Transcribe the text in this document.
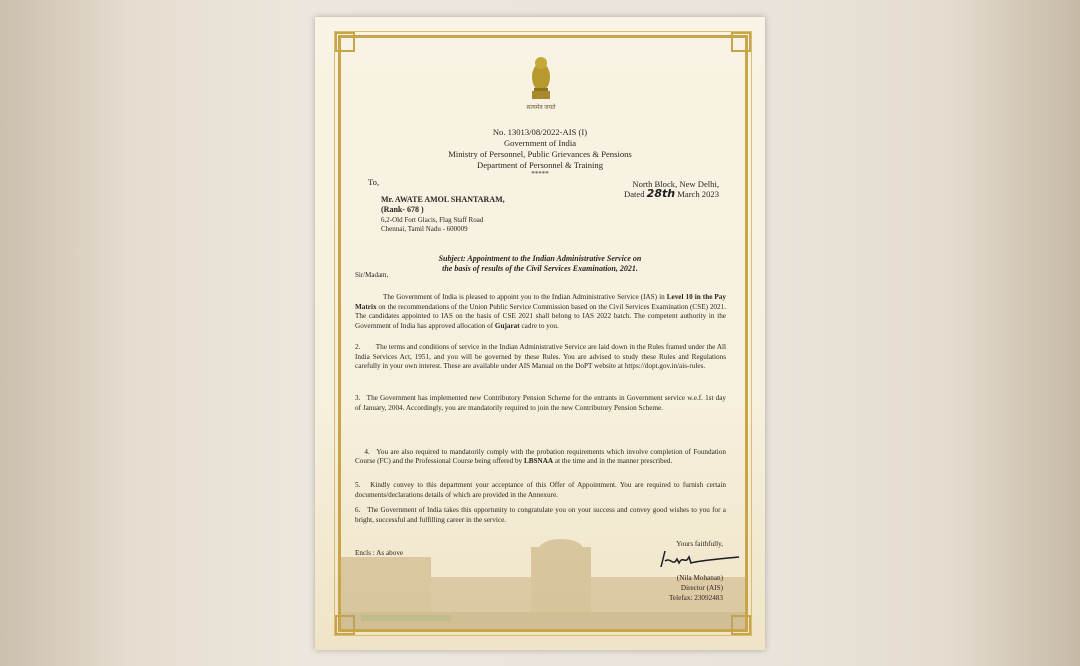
सत्यमेव जयते
No. 13013/08/2022-AIS (I)
Government of India
Ministry of Personnel, Public Grievances & Pensions
Department of Personnel & Training
*****
To,	North Block, New Delhi,
Dated 28th March 2023
Mr. AWATE AMOL SHANTARAM,
(Rank- 678 )
6,2-Old Fort Glacis, Flag Staff Road
Chennai, Tamil Nadu - 600009
Subject: Appointment to the Indian Administrative Service on
the basis of results of the Civil Services Examination, 2021.
Sir/Madam,
The Government of India is pleased to appoint you to the Indian Administrative Service (IAS) in Level 10 in the Pay Matrix on the recommendations of the Union Public Service Commission based on the Civil Services Examination (CSE) 2021. The candidates appointed to IAS on the basis of CSE 2021 shall belong to IAS 2022 batch. The competent authority in the Government of India has approved allocation of Gujarat cadre to you.
2.        The terms and conditions of service in the Indian Administrative Service are laid down in the Rules framed under the All India Services Act, 1951, and you will be governed by these Rules. You are advised to study these Rules and Regulations carefully in your own interest. These are available under AIS Manual on the DoPT website at https://dopt.gov.in/ais-rules.
3.   The Government has implemented new Contributory Pension Scheme for the entrants in Government service w.e.f. 1st day of January, 2004. Accordingly, you are mandatorily required to join the new Contributory Pension Scheme.

4.   You are also required to mandatorily comply with the probation requirements which involve completion of Foundation Course (FC) and the Professional Course being offered by LBSNAA at the time and in the manner prescribed.

5.   Kindly convey to this department your acceptance of this Offer of Appointment. You are required to furnish certain documents/declarations details of which are provided in the Annexure.
6.   The Government of India takes this opportunity to congratulate you on your success and convey good wishes to you for a bright, successful and fulfilling career in the service.
Yours faithfully,
Encls : As above
(Nila Mohanan)
Director (AIS)
Telefax: 23092483
